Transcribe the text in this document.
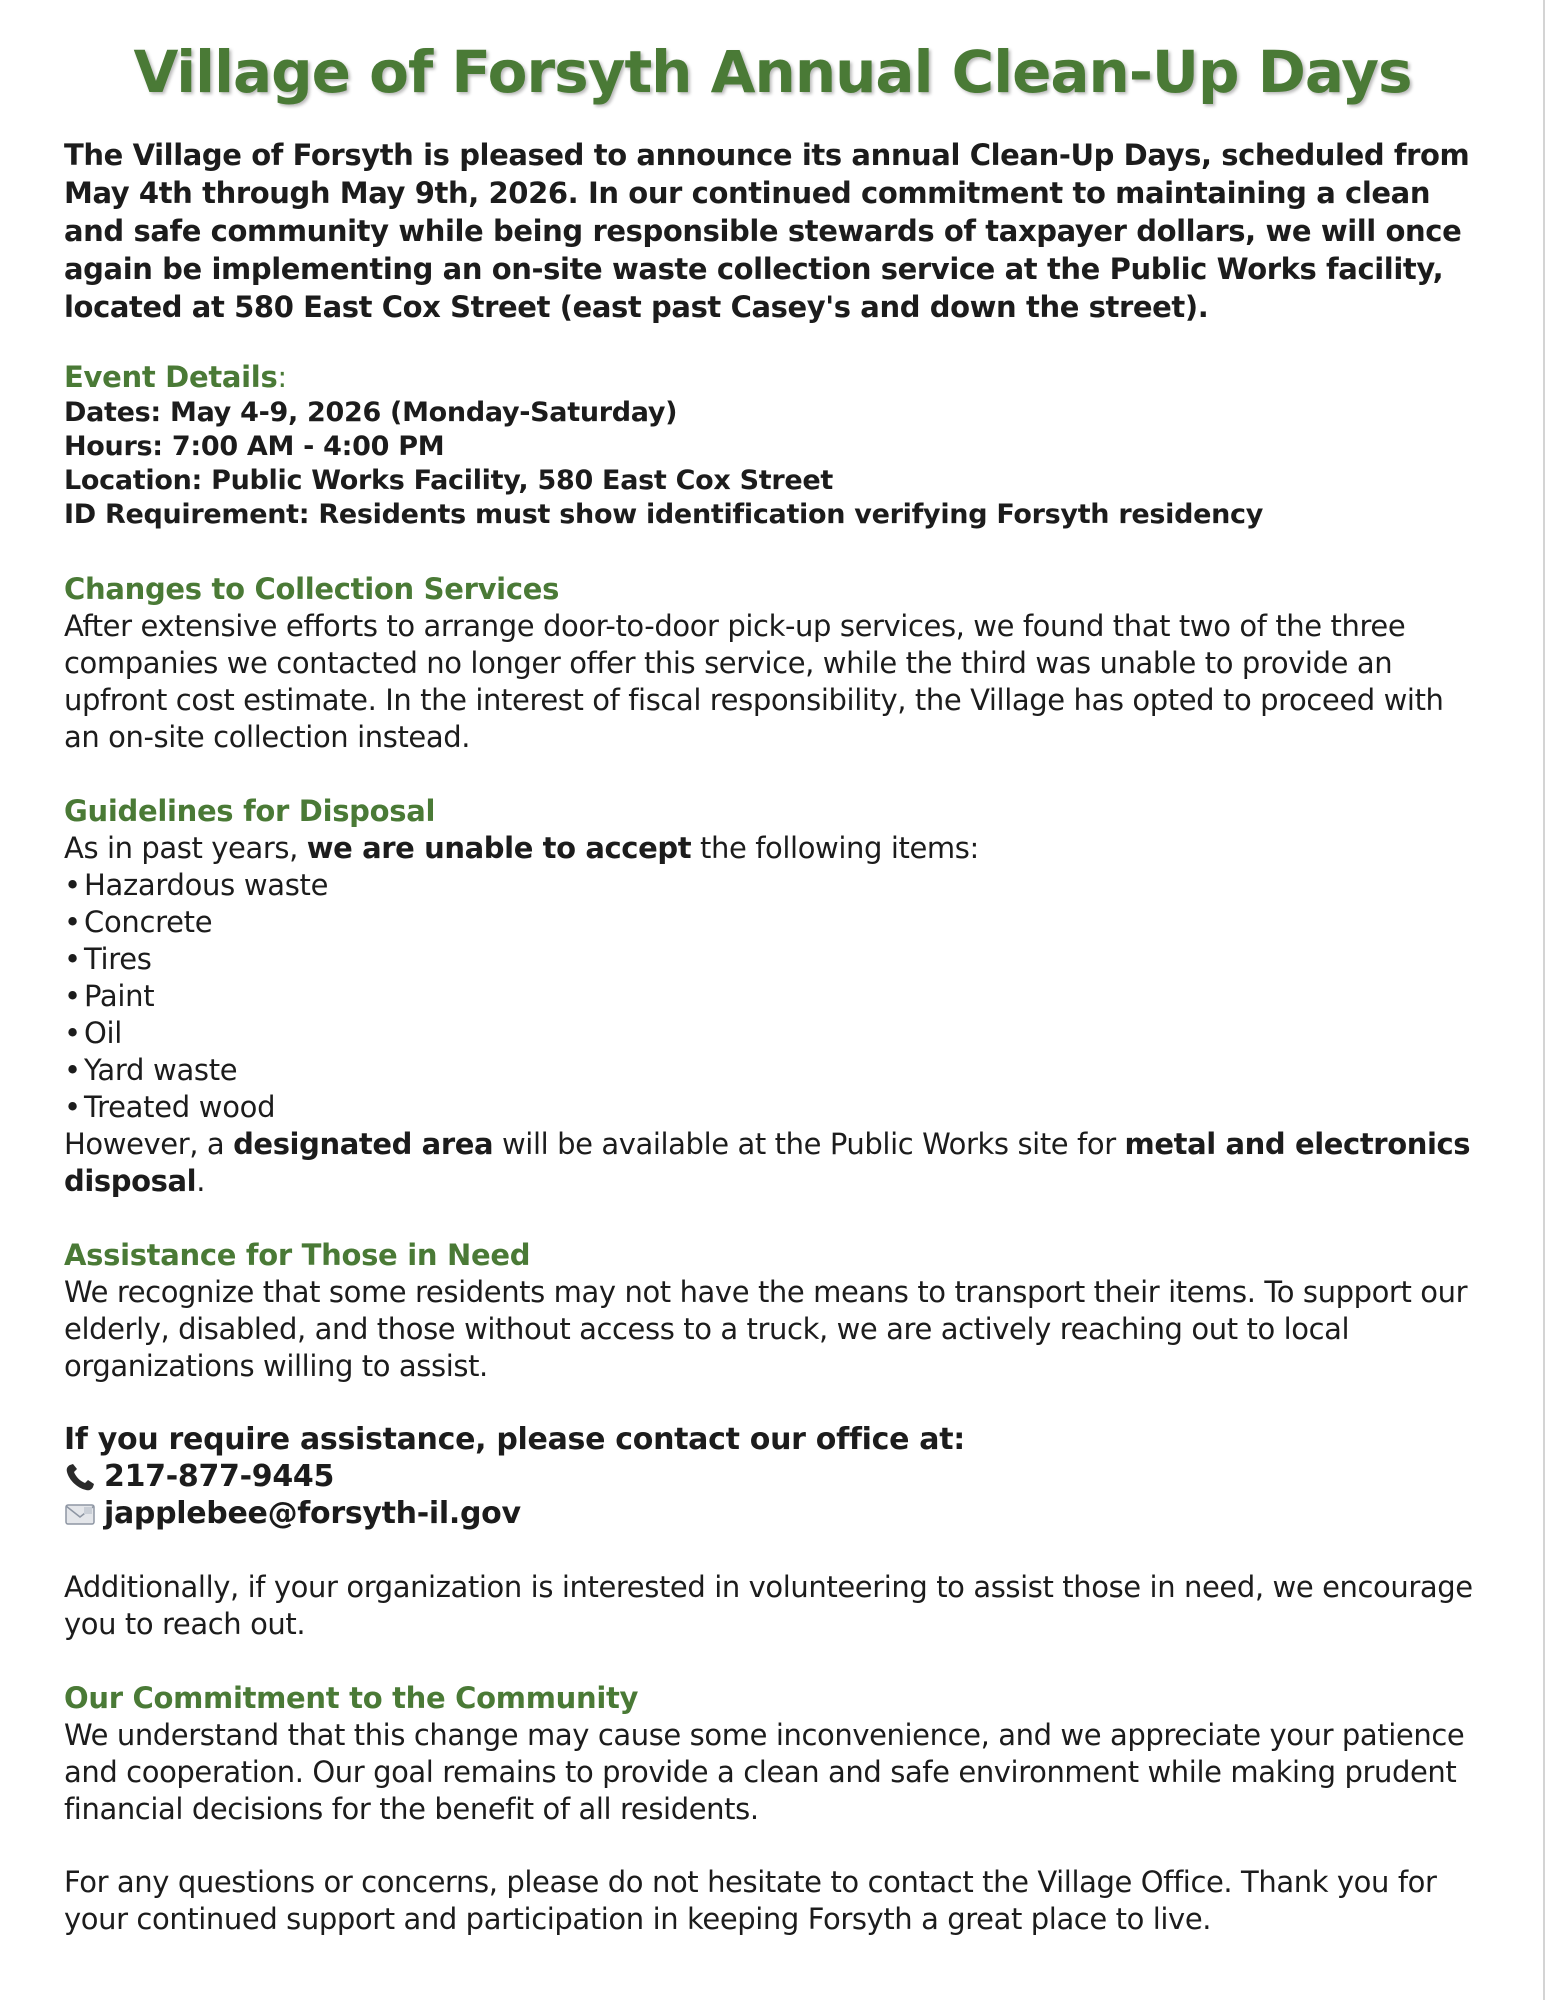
Village of Forsyth Annual Clean-Up Days

The Village of Forsyth is pleased to announce its annual Clean-Up Days, scheduled from May 4th through May 9th, 2026. In our continued commitment to maintaining a clean and safe community while being responsible stewards of taxpayer dollars, we will once again be implementing an on-site waste collection service at the Public Works facility, located at 580 East Cox Street (east past Casey's and down the street).

Event Details:
Dates: May 4-9, 2026 (Monday-Saturday)
Hours: 7:00 AM - 4:00 PM
Location: Public Works Facility, 580 East Cox Street
ID Requirement: Residents must show identification verifying Forsyth residency
Changes to Collection Services

After extensive efforts to arrange door-to-door pick-up services, we found that two of the three companies we contacted no longer offer this service, while the third was unable to provide an upfront cost estimate. In the interest of fiscal responsibility, the Village has opted to proceed with an on-site collection instead.

Guidelines for Disposal
As in past years, we are unable to accept the following items:
• Hazardous waste
• Concrete
• Tires
• Paint
• Oil
• Yard waste
• Treated wood
However, a designated area will be available at the Public Works site for metal and electronics disposal.
Assistance for Those in Need

We recognize that some residents may not have the means to transport their items. To support our elderly, disabled, and those without access to a truck, we are actively reaching out to local organizations willing to assist.

If you require assistance, please contact our office at:
217-877-9445
japplebee@forsyth-il.gov

Additionally, if your organization is interested in volunteering to assist those in need, we encourage you to reach out.

Our Commitment to the Community

We understand that this change may cause some inconvenience, and we appreciate your patience and cooperation. Our goal remains to provide a clean and safe environment while making prudent financial decisions for the benefit of all residents.

For any questions or concerns, please do not hesitate to contact the Village Office. Thank you for your continued support and participation in keeping Forsyth a great place to live.
